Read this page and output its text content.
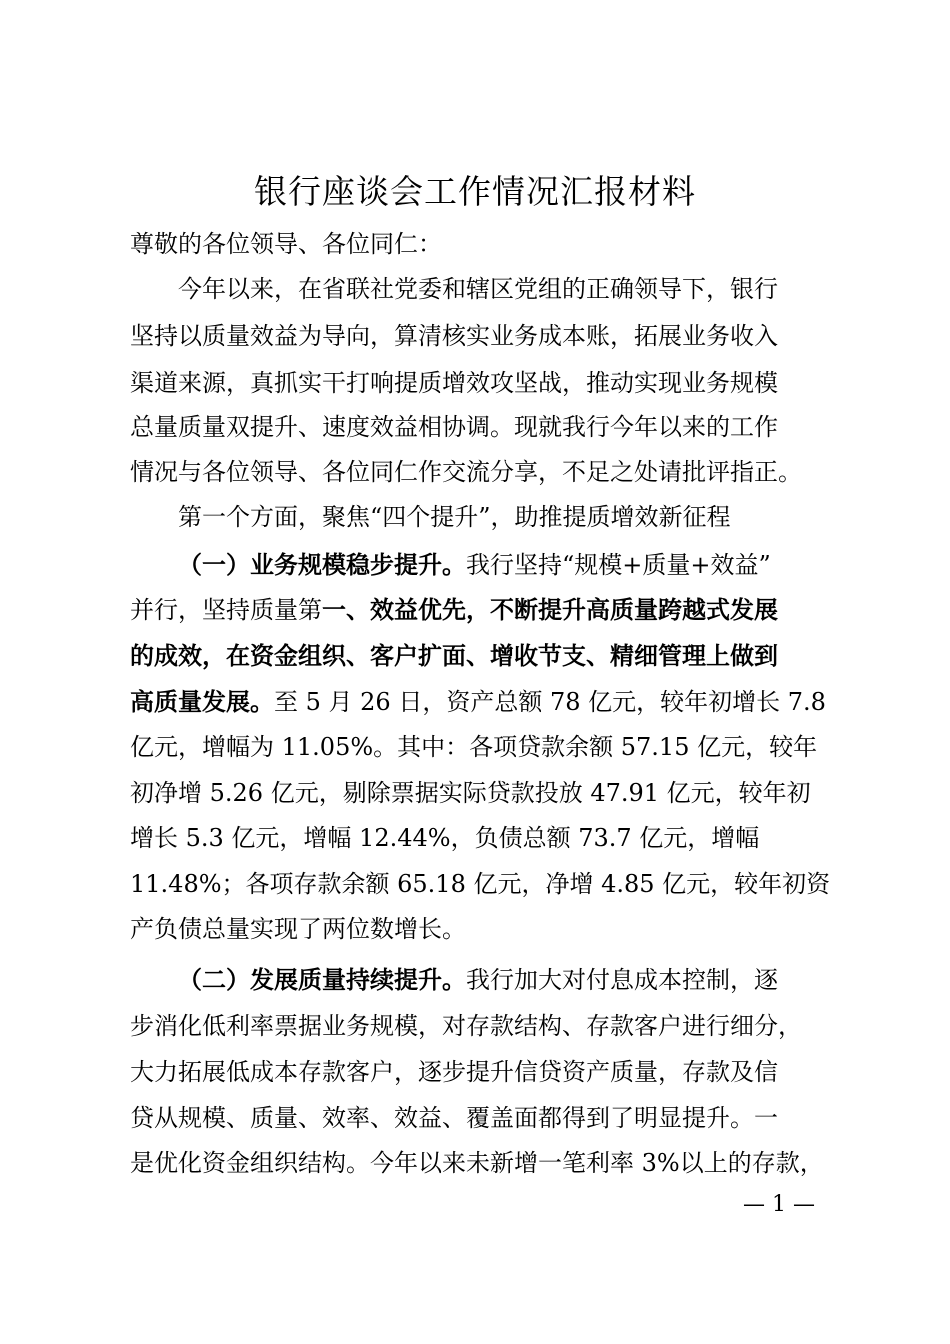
银行座谈会工作情况汇报材料
尊敬的各位领导、各位同仁：
今年以来，在省联社党委和辖区党组的正确领导下，银行
坚持以质量效益为导向，算清核实业务成本账，拓展业务收入
渠道来源，真抓实干打响提质增效攻坚战，推动实现业务规模
总量质量双提升、速度效益相协调。现就我行今年以来的工作
情况与各位领导、各位同仁作交流分享，不足之处请批评指正。
第一个方面，聚焦“四个提升”，助推提质增效新征程
（一）业务规模稳步提升。我行坚持“规模+质量+效益”
并行，坚持质量第一、效益优先，不断提升高质量跨越式发展
的成效，在资金组织、客户扩面、增收节支、精细管理上做到
高质量发展。至 5 月 26 日，资产总额 78 亿元，较年初增长 7.8
亿元，增幅为 11.05%。其中：各项贷款余额 57.15 亿元，较年
初净增 5.26 亿元，剔除票据实际贷款投放 47.91 亿元，较年初
增长 5.3 亿元，增幅 12.44%，负债总额 73.7 亿元，增幅
11.48%；各项存款余额 65.18 亿元，净增 4.85 亿元，较年初资
产负债总量实现了两位数增长。
（二）发展质量持续提升。我行加大对付息成本控制，逐
步消化低利率票据业务规模，对存款结构、存款客户进行细分，
大力拓展低成本存款客户，逐步提升信贷资产质量，存款及信
贷从规模、质量、效率、效益、覆盖面都得到了明显提升。一
是优化资金组织结构。今年以来未新增一笔利率 3%以上的存款，
— 1 —
